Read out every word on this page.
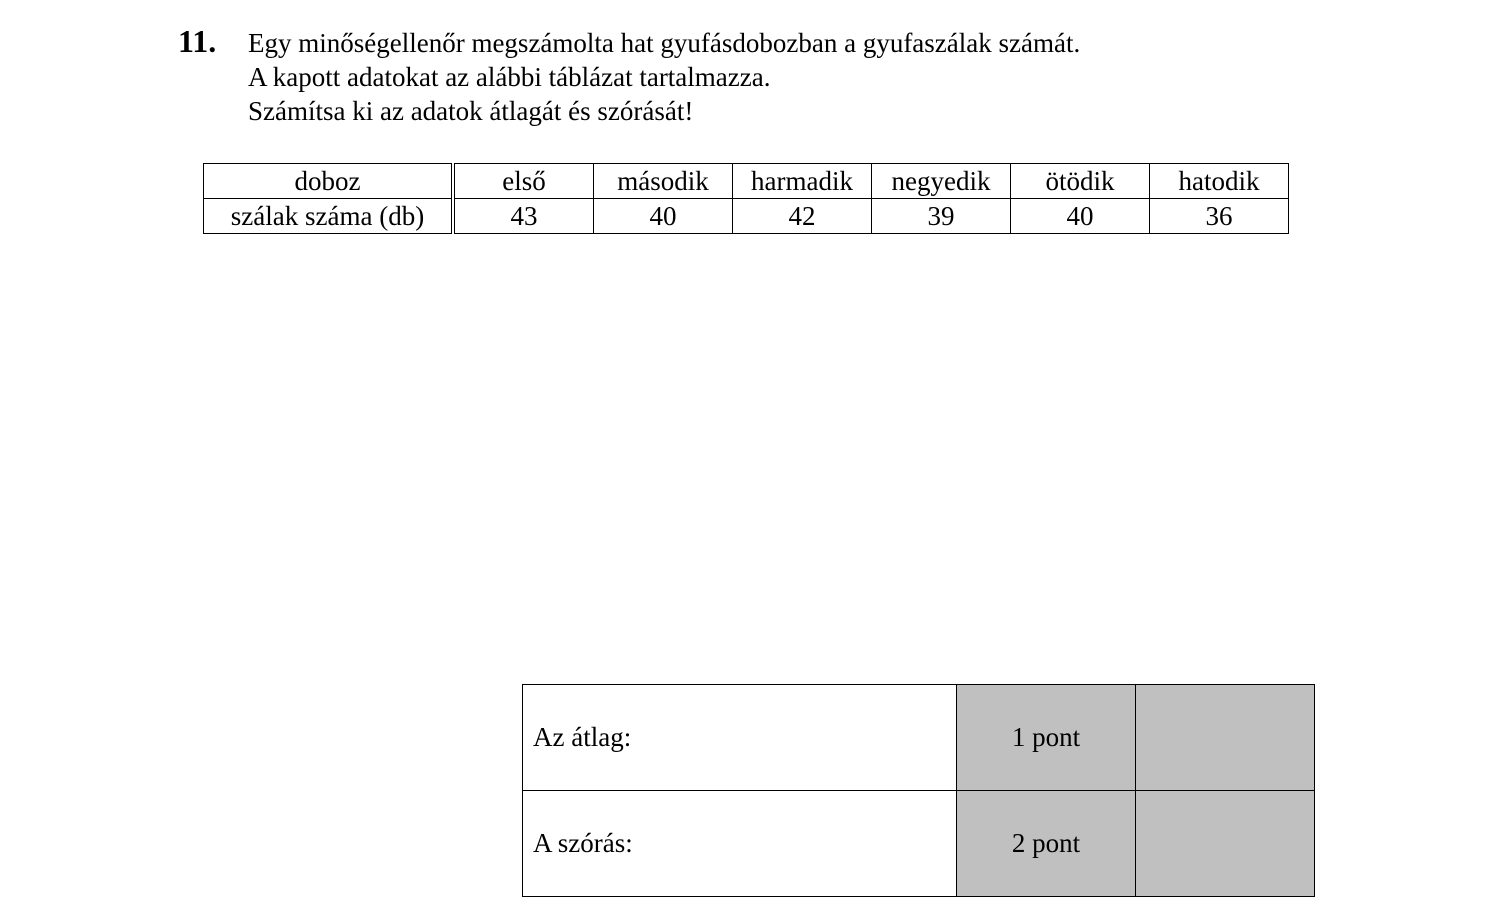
11. Egy minőségellenőr megszámolta hat gyufásdobozban a gyufaszálak számát.
A kapott adatokat az alábbi táblázat tartalmazza.
Számítsa ki az adatok átlagát és szórását!
doboz	első	második	harmadik	negyedik	ötödik	hatodik
szálak száma (db)	43	40	42	39	40	36
Az átlag:	1 pont	
A szórás:	2 pont	
